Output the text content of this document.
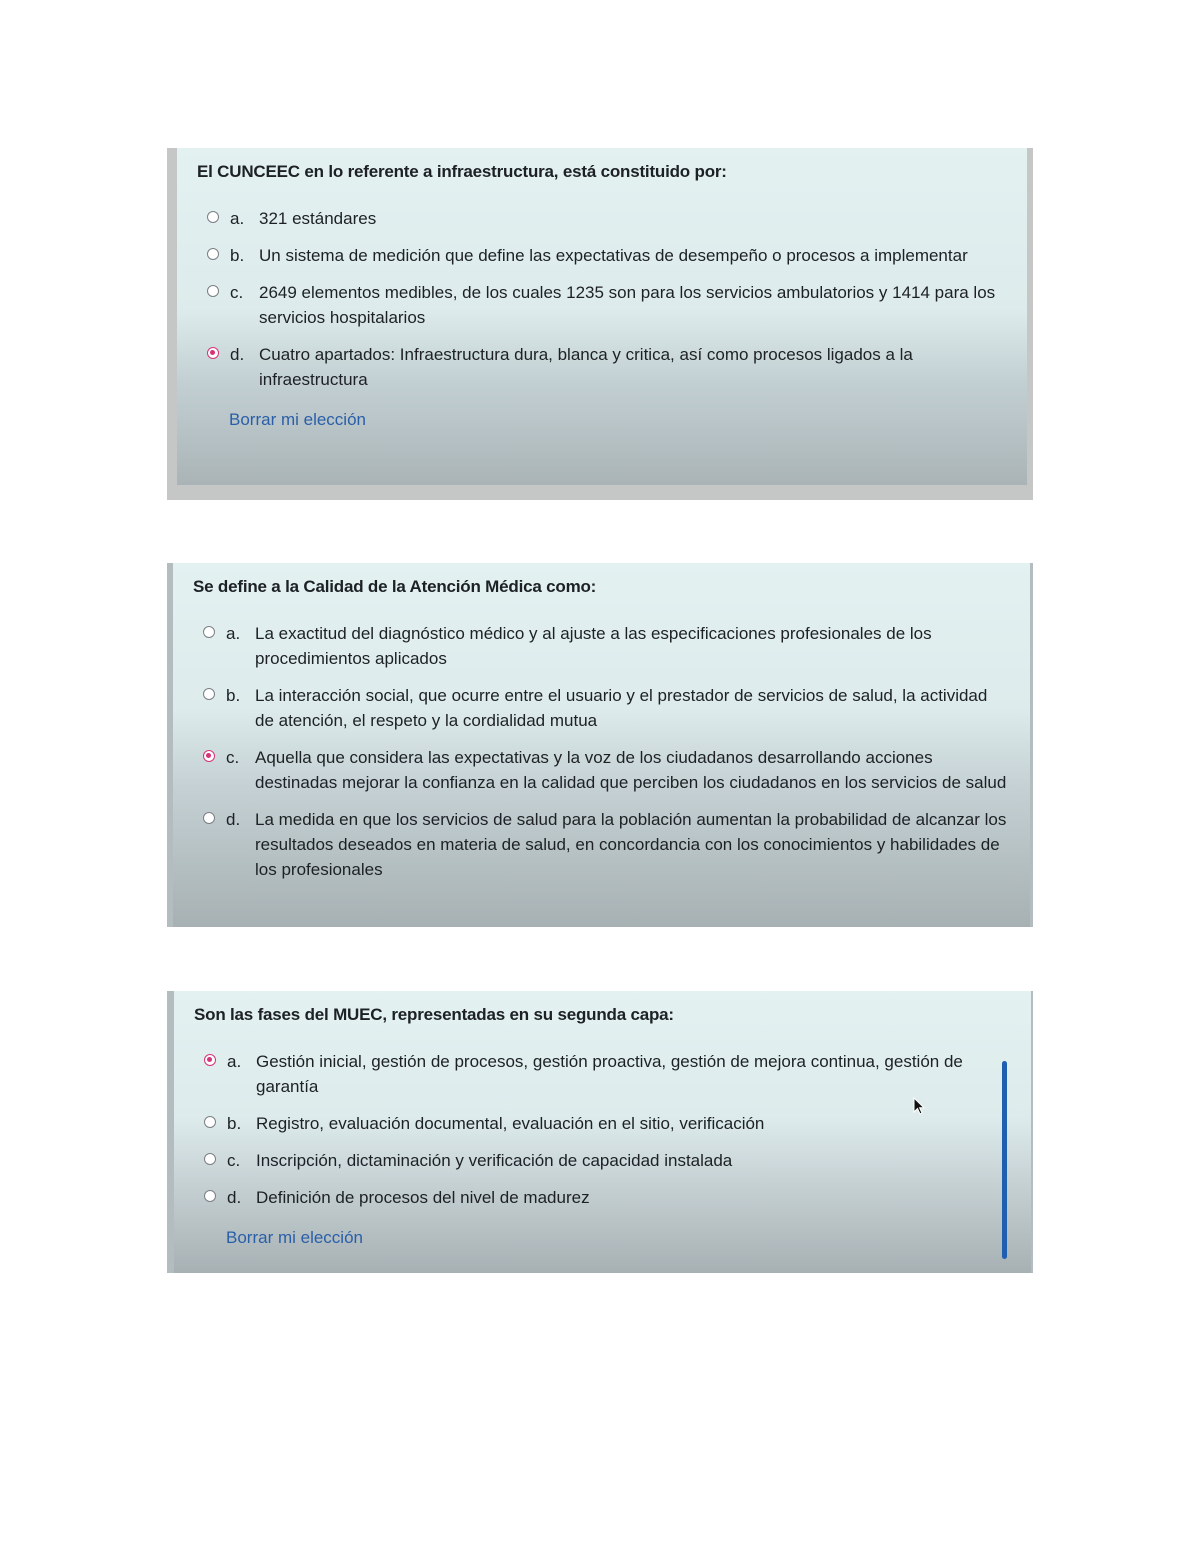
El CUNCEEC en lo referente a infraestructura, está constituido por:
a. 321 estándares
b. Un sistema de medición que define las expectativas de desempeño o procesos a implementar
c. 2649 elementos medibles, de los cuales 1235 son para los servicios ambulatorios y 1414 para los servicios hospitalarios
d. Cuatro apartados: Infraestructura dura, blanca y critica, así como procesos ligados a la infraestructura
Borrar mi elección
Se define a la Calidad de la Atención Médica como:
a. La exactitud del diagnóstico médico y al ajuste a las especificaciones profesionales de los procedimientos aplicados
b. La interacción social, que ocurre entre el usuario y el prestador de servicios de salud, la actividad de atención, el respeto y la cordialidad mutua
c. Aquella que considera las expectativas y la voz de los ciudadanos desarrollando acciones destinadas mejorar la confianza en la calidad que perciben los ciudadanos en los servicios de salud
d. La medida en que los servicios de salud para la población aumentan la probabilidad de alcanzar los resultados deseados en materia de salud, en concordancia con los conocimientos y habilidades de los profesionales
Son las fases del MUEC, representadas en su segunda capa:
a. Gestión inicial, gestión de procesos, gestión proactiva, gestión de mejora continua, gestión de garantía
b. Registro, evaluación documental, evaluación en el sitio, verificación
c. Inscripción, dictaminación y verificación de capacidad instalada
d. Definición de procesos del nivel de madurez
Borrar mi elección
